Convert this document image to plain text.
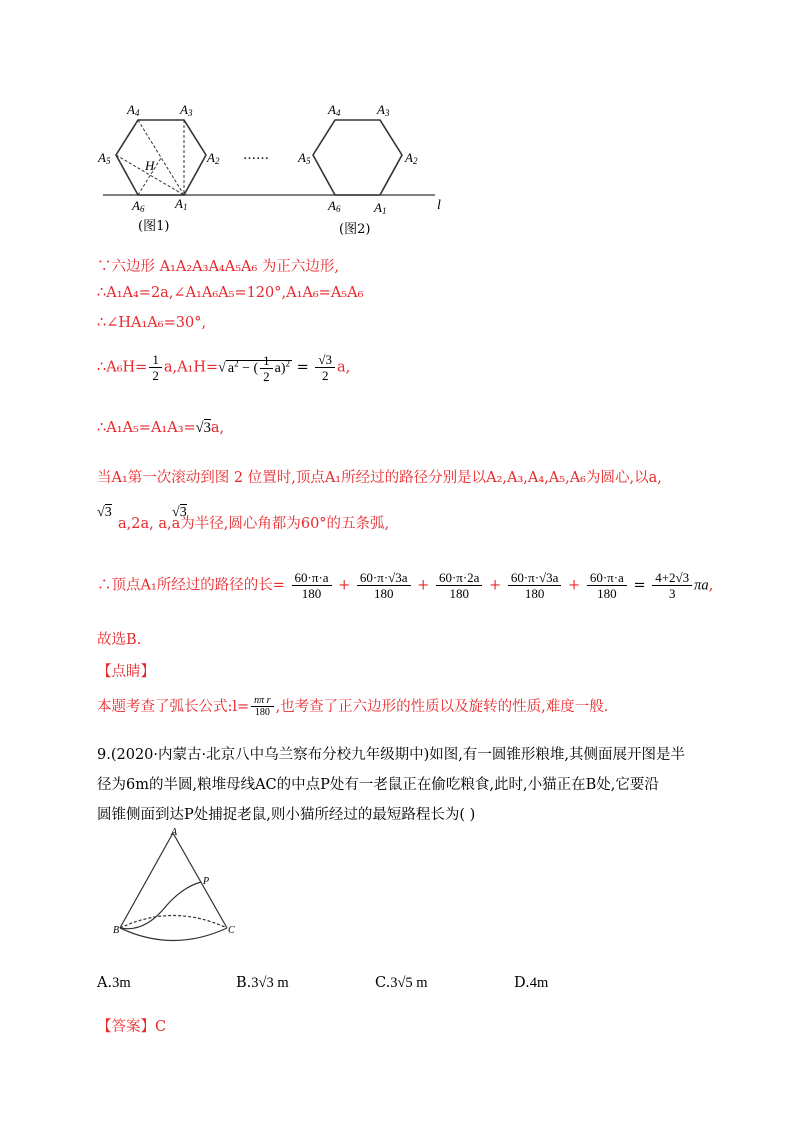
$A_4$	$A_3$
$A_2$
$A_5$	H
$A_6$ $A_1$
(图1)
……
$A_4$	$A_3$
$A_2$
$A_5$
$A_6$	$A_1$
(图2)
l
∵六边形 A₁A₂A₃A₄A₅A₆ 为正六边形,
∴A₁A₄=2a,∠A₁A₆A₅=120°,A₁A₆=A₅A₆
∴∠HA₁A₆=30°,
∴A₆H= $\frac{1}{2} a,A_1H=√$ $a^2$ − ( $\frac{1}{2} a)^2 = \frac{√3}{2} a$,
∴A₁A₅=A₁A₃=√3a,
当A₁第一次滚动到图 2 位置时,顶点A₁所经过的路径分别是以A₂,A₃,A₄,A₅,A₆为圆心,以a,
√3	√3
a,2a, a,a为半径,圆心角都为60°的五条弧,
∴顶点A₁所经过的路径的长= $\frac{60\cdot\pi\cdot a}{180} + \frac{60\cdot\pi\cdot√3a}{180} + \frac{60\cdot\pi\cdot 2a}{180} + \frac{60\cdot\pi\cdot√3a}{180} + \frac{60\cdot\pi\cdot a}{180} = \frac{4+2√3}{3} \pi a$,
故选B.
【点睛】
本题考查了弧长公式:l= $\frac{\text{nπ r}}{180}$ ,也考查了正六边形的性质以及旋转的性质,难度一般.
9.(2020·内蒙古·北京八中乌兰察布分校九年级期中)如图,有一圆锥形粮堆,其侧面展开图是半
径为6m的半圆,粮堆母线AC的中点P处有一老鼠正在偷吃粮食,此时,小猫正在B处,它要沿
圆锥侧面到达P处捕捉老鼠,则小猫所经过的最短路程长为( )
A
P
B	C
A.3m	B.3√3 m	C.3√5 m	D.4m
【答案】C
